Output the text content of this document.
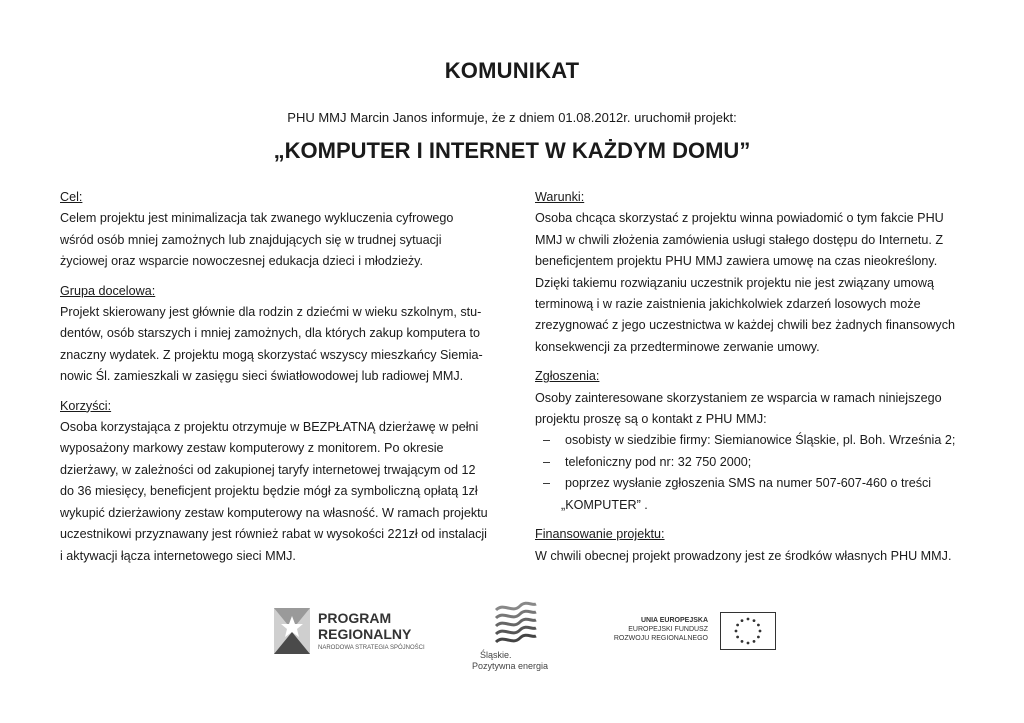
KOMUNIKAT
PHU MMJ Marcin Janos informuje, że z dniem 01.08.2012r. uruchomił projekt:
„KOMPUTER I INTERNET W KAŻDYM DOMU”
Cel:
Celem projektu jest minimalizacja tak zwanego wykluczenia cyfrowego
wśród osób mniej zamożnych lub znajdujących się w trudnej sytuacji
życiowej oraz wsparcie nowoczesnej edukacja dzieci i młodzieży.
Grupa docelowa:
Projekt skierowany jest głównie dla rodzin z dziećmi w wieku szkolnym, stu-
dentów, osób starszych i mniej zamożnych, dla których zakup komputera to
znaczny wydatek. Z projektu mogą skorzystać wszyscy mieszkańcy Siemia-
nowic Śl. zamieszkali w zasięgu sieci światłowodowej lub radiowej MMJ.
Korzyści:
Osoba korzystająca z projektu otrzymuje w BEZPŁATNĄ dzierżawę w pełni
wyposażony markowy zestaw komputerowy z monitorem. Po okresie
dzierżawy, w zależności od zakupionej taryfy internetowej trwającym od 12
do 36 miesięcy, beneficjent projektu będzie mógł za symboliczną opłatą 1zł
wykupić dzierżawiony zestaw komputerowy na własność. W ramach projektu
uczestnikowi przyznawany jest również rabat w wysokości 221zł od instalacji
i aktywacji łącza internetowego sieci MMJ.
Warunki:
Osoba chcąca skorzystać z projektu winna powiadomić o tym fakcie PHU
MMJ w chwili złożenia zamówienia usługi stałego dostępu do Internetu. Z
beneficjentem projektu PHU MMJ zawiera umowę na czas nieokreślony.
Dzięki takiemu rozwiązaniu uczestnik projektu nie jest związany umową
terminową i w razie zaistnienia jakichkolwiek zdarzeń losowych może
zrezygnować z jego uczestnictwa w każdej chwili bez żadnych finansowych
konsekwencji za przedterminowe zerwanie umowy.
Zgłoszenia:
Osoby zainteresowane skorzystaniem ze wsparcia w ramach niniejszego
projektu proszę są o kontakt z PHU MMJ:
– osobisty w siedzibie firmy: Siemianowice Śląskie, pl. Boh. Września 2;
– telefoniczny pod nr: 32 750 2000;
– poprzez wysłanie zgłoszenia SMS na numer 507-607-460 o treści
„KOMPUTER” .
Finansowanie projektu:
W chwili obecnej projekt prowadzony jest ze środków własnych PHU MMJ.
PROGRAM
REGIONALNY
NARODOWA STRATEGIA SPÓJNOŚCI
Śląskie.
Pozytywna energia
UNIA EUROPEJSKA
EUROPEJSKI FUNDUSZ
ROZWOJU REGIONALNEGO
